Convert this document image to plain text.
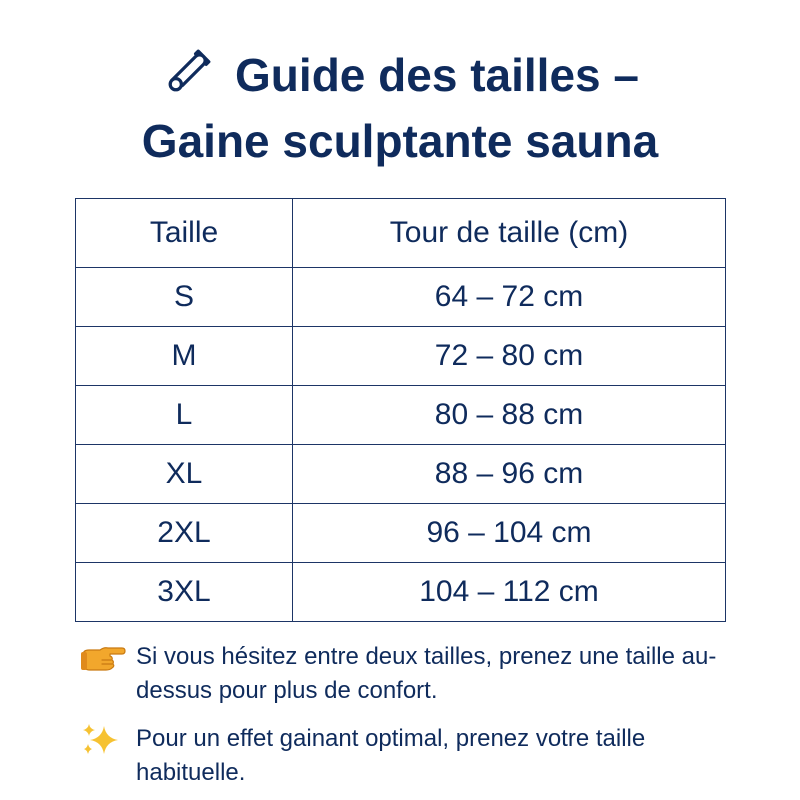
Guide des tailles –
Gaine sculptante sauna
Taille	Tour de taille (cm)
S	64 – 72 cm
M	72 – 80 cm
L	80 – 88 cm
XL	88 – 96 cm
2XL	96 – 104 cm
3XL	104 – 112 cm
Si vous hésitez entre deux tailles, prenez une taille au-dessus pour plus de confort.
Pour un effet gainant optimal, prenez votre taille habituelle.
